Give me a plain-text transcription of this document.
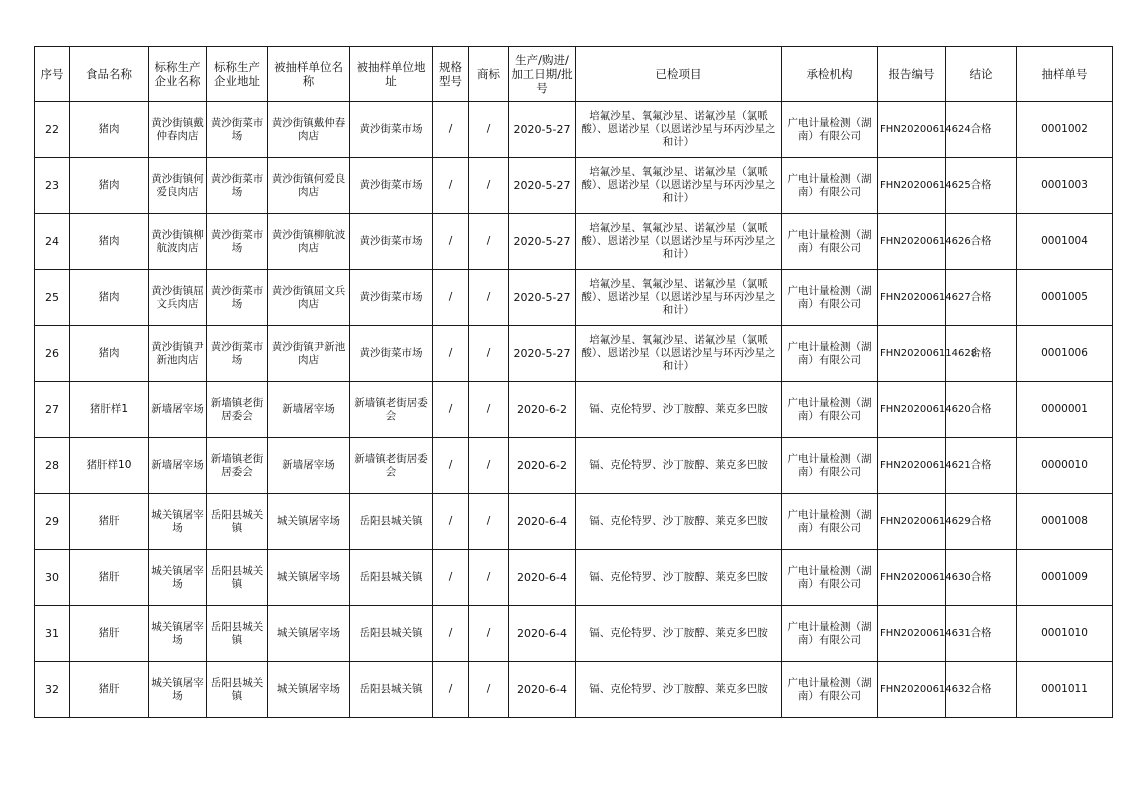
序号	食品名称	标称生产企业名称	标称生产企业地址	被抽样单位名称	被抽样单位地址	规格型号	商标	生产/购进/加工日期/批号	已检项目	承检机构	报告编号	结论	抽样单号
22	猪肉	黄沙街镇戴仲春肉店	黄沙街菜市场	黄沙街镇戴仲春肉店	黄沙街菜市场	/	/	2020-5-27	培氟沙星、氧氟沙星、诺氟沙星（氯哌酸）、恩诺沙星（以恩诺沙星与环丙沙星之和计）	广电计量检测（湖南）有限公司	FHN20200614624	合格	0001002
23	猪肉	黄沙街镇何爱良肉店	黄沙街菜市场	黄沙街镇何爱良肉店	黄沙街菜市场	/	/	2020-5-27	培氟沙星、氧氟沙星、诺氟沙星（氯哌酸）、恩诺沙星（以恩诺沙星与环丙沙星之和计）	广电计量检测（湖南）有限公司	FHN20200614625	合格	0001003
24	猪肉	黄沙街镇柳航波肉店	黄沙街菜市场	黄沙街镇柳航波肉店	黄沙街菜市场	/	/	2020-5-27	培氟沙星、氧氟沙星、诺氟沙星（氯哌酸）、恩诺沙星（以恩诺沙星与环丙沙星之和计）	广电计量检测（湖南）有限公司	FHN20200614626	合格	0001004
25	猪肉	黄沙街镇屈文兵肉店	黄沙街菜市场	黄沙街镇屈文兵肉店	黄沙街菜市场	/	/	2020-5-27	培氟沙星、氧氟沙星、诺氟沙星（氯哌酸）、恩诺沙星（以恩诺沙星与环丙沙星之和计）	广电计量检测（湖南）有限公司	FHN20200614627	合格	0001005
26	猪肉	黄沙街镇尹新池肉店	黄沙街菜市场	黄沙街镇尹新池肉店	黄沙街菜市场	/	/	2020-5-27	培氟沙星、氧氟沙星、诺氟沙星（氯哌酸）、恩诺沙星（以恩诺沙星与环丙沙星之和计）	广电计量检测（湖南）有限公司	FHN202006114628	合格	0001006
27	猪肝样1	新墙屠宰场	新墙镇老街居委会	新墙屠宰场	新墙镇老街居委会	/	/	2020-6-2	镉、克伦特罗、沙丁胺醇、莱克多巴胺	广电计量检测（湖南）有限公司	FHN20200614620	合格	0000001
28	猪肝样10	新墙屠宰场	新墙镇老街居委会	新墙屠宰场	新墙镇老街居委会	/	/	2020-6-2	镉、克伦特罗、沙丁胺醇、莱克多巴胺	广电计量检测（湖南）有限公司	FHN20200614621	合格	0000010
29	猪肝	城关镇屠宰场	岳阳县城关镇	城关镇屠宰场	岳阳县城关镇	/	/	2020-6-4	镉、克伦特罗、沙丁胺醇、莱克多巴胺	广电计量检测（湖南）有限公司	FHN20200614629	合格	0001008
30	猪肝	城关镇屠宰场	岳阳县城关镇	城关镇屠宰场	岳阳县城关镇	/	/	2020-6-4	镉、克伦特罗、沙丁胺醇、莱克多巴胺	广电计量检测（湖南）有限公司	FHN20200614630	合格	0001009
31	猪肝	城关镇屠宰场	岳阳县城关镇	城关镇屠宰场	岳阳县城关镇	/	/	2020-6-4	镉、克伦特罗、沙丁胺醇、莱克多巴胺	广电计量检测（湖南）有限公司	FHN20200614631	合格	0001010
32	猪肝	城关镇屠宰场	岳阳县城关镇	城关镇屠宰场	岳阳县城关镇	/	/	2020-6-4	镉、克伦特罗、沙丁胺醇、莱克多巴胺	广电计量检测（湖南）有限公司	FHN20200614632	合格	0001011
